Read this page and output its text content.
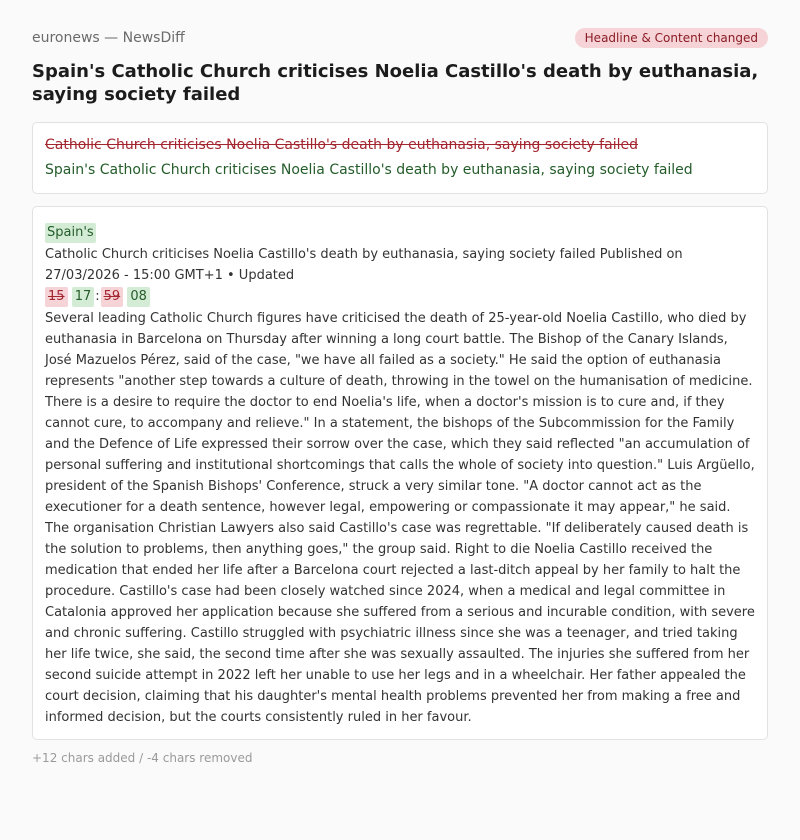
euronews — NewsDiff	Headline & Content changed
Spain's Catholic Church criticises Noelia Castillo's death by euthanasia, saying society failed
Catholic Church criticises Noelia Castillo's death by euthanasia, saying society failed
Spain's Catholic Church criticises Noelia Castillo's death by euthanasia, saying society failed
Spain's
Catholic Church criticises Noelia Castillo's death by euthanasia, saying society failed Published on 27/03/2026 - 15:00 GMT+1 • Updated
15 17 : 59 08
Several leading Catholic Church figures have criticised the death of 25-year-old Noelia Castillo, who died by euthanasia in Barcelona on Thursday after winning a long court battle. The Bishop of the Canary Islands, José Mazuelos Pérez, said of the case, "we have all failed as a society." He said the option of euthanasia represents "another step towards a culture of death, throwing in the towel on the humanisation of medicine. There is a desire to require the doctor to end Noelia's life, when a doctor's mission is to cure and, if they cannot cure, to accompany and relieve." In a statement, the bishops of the Subcommission for the Family and the Defence of Life expressed their sorrow over the case, which they said reflected "an accumulation of personal suffering and institutional shortcomings that calls the whole of society into question." Luis Argüello, president of the Spanish Bishops' Conference, struck a very similar tone. "A doctor cannot act as the executioner for a death sentence, however legal, empowering or compassionate it may appear," he said. The organisation Christian Lawyers also said Castillo's case was regrettable. "If deliberately caused death is the solution to problems, then anything goes," the group said. Right to die Noelia Castillo received the medication that ended her life after a Barcelona court rejected a last-ditch appeal by her family to halt the procedure. Castillo's case had been closely watched since 2024, when a medical and legal committee in Catalonia approved her application because she suffered from a serious and incurable condition, with severe and chronic suffering. Castillo struggled with psychiatric illness since she was a teenager, and tried taking her life twice, she said, the second time after she was sexually assaulted. The injuries she suffered from her second suicide attempt in 2022 left her unable to use her legs and in a wheelchair. Her father appealed the court decision, claiming that his daughter's mental health problems prevented her from making a free and informed decision, but the courts consistently ruled in her favour.
+12 chars added / -4 chars removed
